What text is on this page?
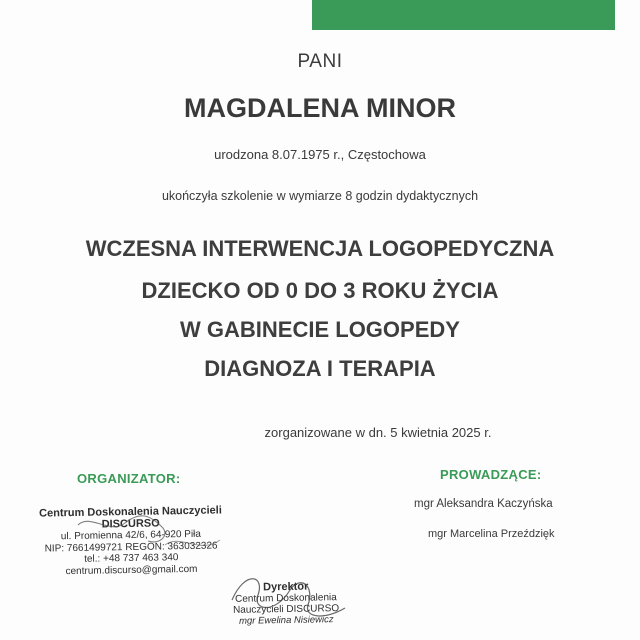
PANI
MAGDALENA MINOR
urodzona 8.07.1975 r., Częstochowa
ukończyła szkolenie w wymiarze 8 godzin dydaktycznych
WCZESNA INTERWENCJA LOGOPEDYCZNA
DZIECKO OD 0 DO 3 ROKU ŻYCIA
W GABINECIE LOGOPEDY
DIAGNOZA I TERAPIA
zorganizowane w dn. 5 kwietnia 2025 r.
ORGANIZATOR:	PROWADZĄCE:
mgr Aleksandra Kaczyńska
mgr Marcelina Przeździęk
Centrum Doskonalenia Nauczycieli
DISCURSO
ul. Promienna 42/6, 64-920 Piła
NIP: 7661499721 REGON: 363032326
tel.: +48 737 463 340
centrum.discurso@gmail.com
Dyrektor
Centrum Doskonalenia
Nauczycieli DISCURSO
mgr Ewelina Nisiewicz
